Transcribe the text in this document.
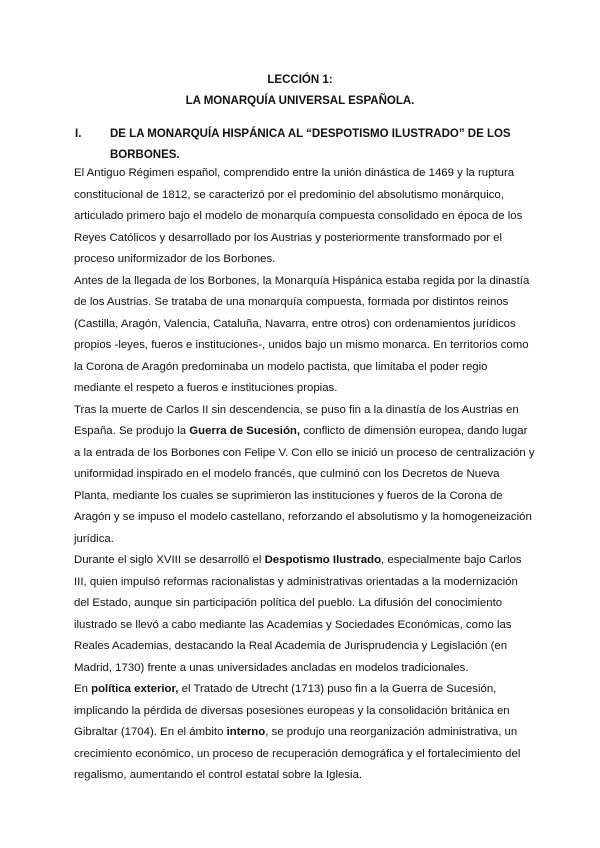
LECCIÓN 1:
LA MONARQUÍA UNIVERSAL ESPAÑOLA.
I. DE LA MONARQUÍA HISPÁNICA AL “DESPOTISMO ILUSTRADO” DE LOS BORBONES.

El Antiguo Régimen español, comprendido entre la unión dinástica de 1469 y la ruptura constitucional de 1812, se caracterizó por el predominio del absolutismo monárquico, articulado primero bajo el modelo de monarquía compuesta consolidado en época de los Reyes Católicos y desarrollado por los Austrias y posteriormente transformado por el proceso uniformizador de los Borbones.

Antes de la llegada de los Borbones, la Monarquía Hispánica estaba regida por la dinastía de los Austrias. Se trataba de una monarquía compuesta, formada por distintos reinos (Castilla, Aragón, Valencia, Cataluña, Navarra, entre otros) con ordenamientos jurídicos propios -leyes, fueros e instituciones-, unidos bajo un mismo monarca. En territorios como la Corona de Aragón predominaba un modelo pactista, que limitaba el poder regio mediante el respeto a fueros e instituciones propias.

Tras la muerte de Carlos II sin descendencia, se puso fin a la dinastía de los Austrias en España. Se produjo la Guerra de Sucesión, conflicto de dimensión europea, dando lugar a la entrada de los Borbones con Felipe V. Con ello se inició un proceso de centralización y uniformidad inspirado en el modelo francés, que culminó con los Decretos de Nueva Planta, mediante los cuales se suprimieron las instituciones y fueros de la Corona de Aragón y se impuso el modelo castellano, reforzando el absolutismo y la homogeneización jurídica.

Durante el siglo XVIII se desarrolló el Despotismo Ilustrado, especialmente bajo Carlos III, quien impulsó reformas racionalistas y administrativas orientadas a la modernización del Estado, aunque sin participación política del pueblo. La difusión del conocimiento ilustrado se llevó a cabo mediante las Academias y Sociedades Económicas, como las Reales Academias, destacando la Real Academia de Jurisprudencia y Legislación (en Madrid, 1730) frente a unas universidades ancladas en modelos tradicionales.

En política exterior, el Tratado de Utrecht (1713) puso fin a la Guerra de Sucesión, implicando la pérdida de diversas posesiones europeas y la consolidación británica en Gibraltar (1704). En el ámbito interno, se produjo una reorganización administrativa, un crecimiento económico, un proceso de recuperación demográfica y el fortalecimiento del regalismo, aumentando el control estatal sobre la Iglesia.
